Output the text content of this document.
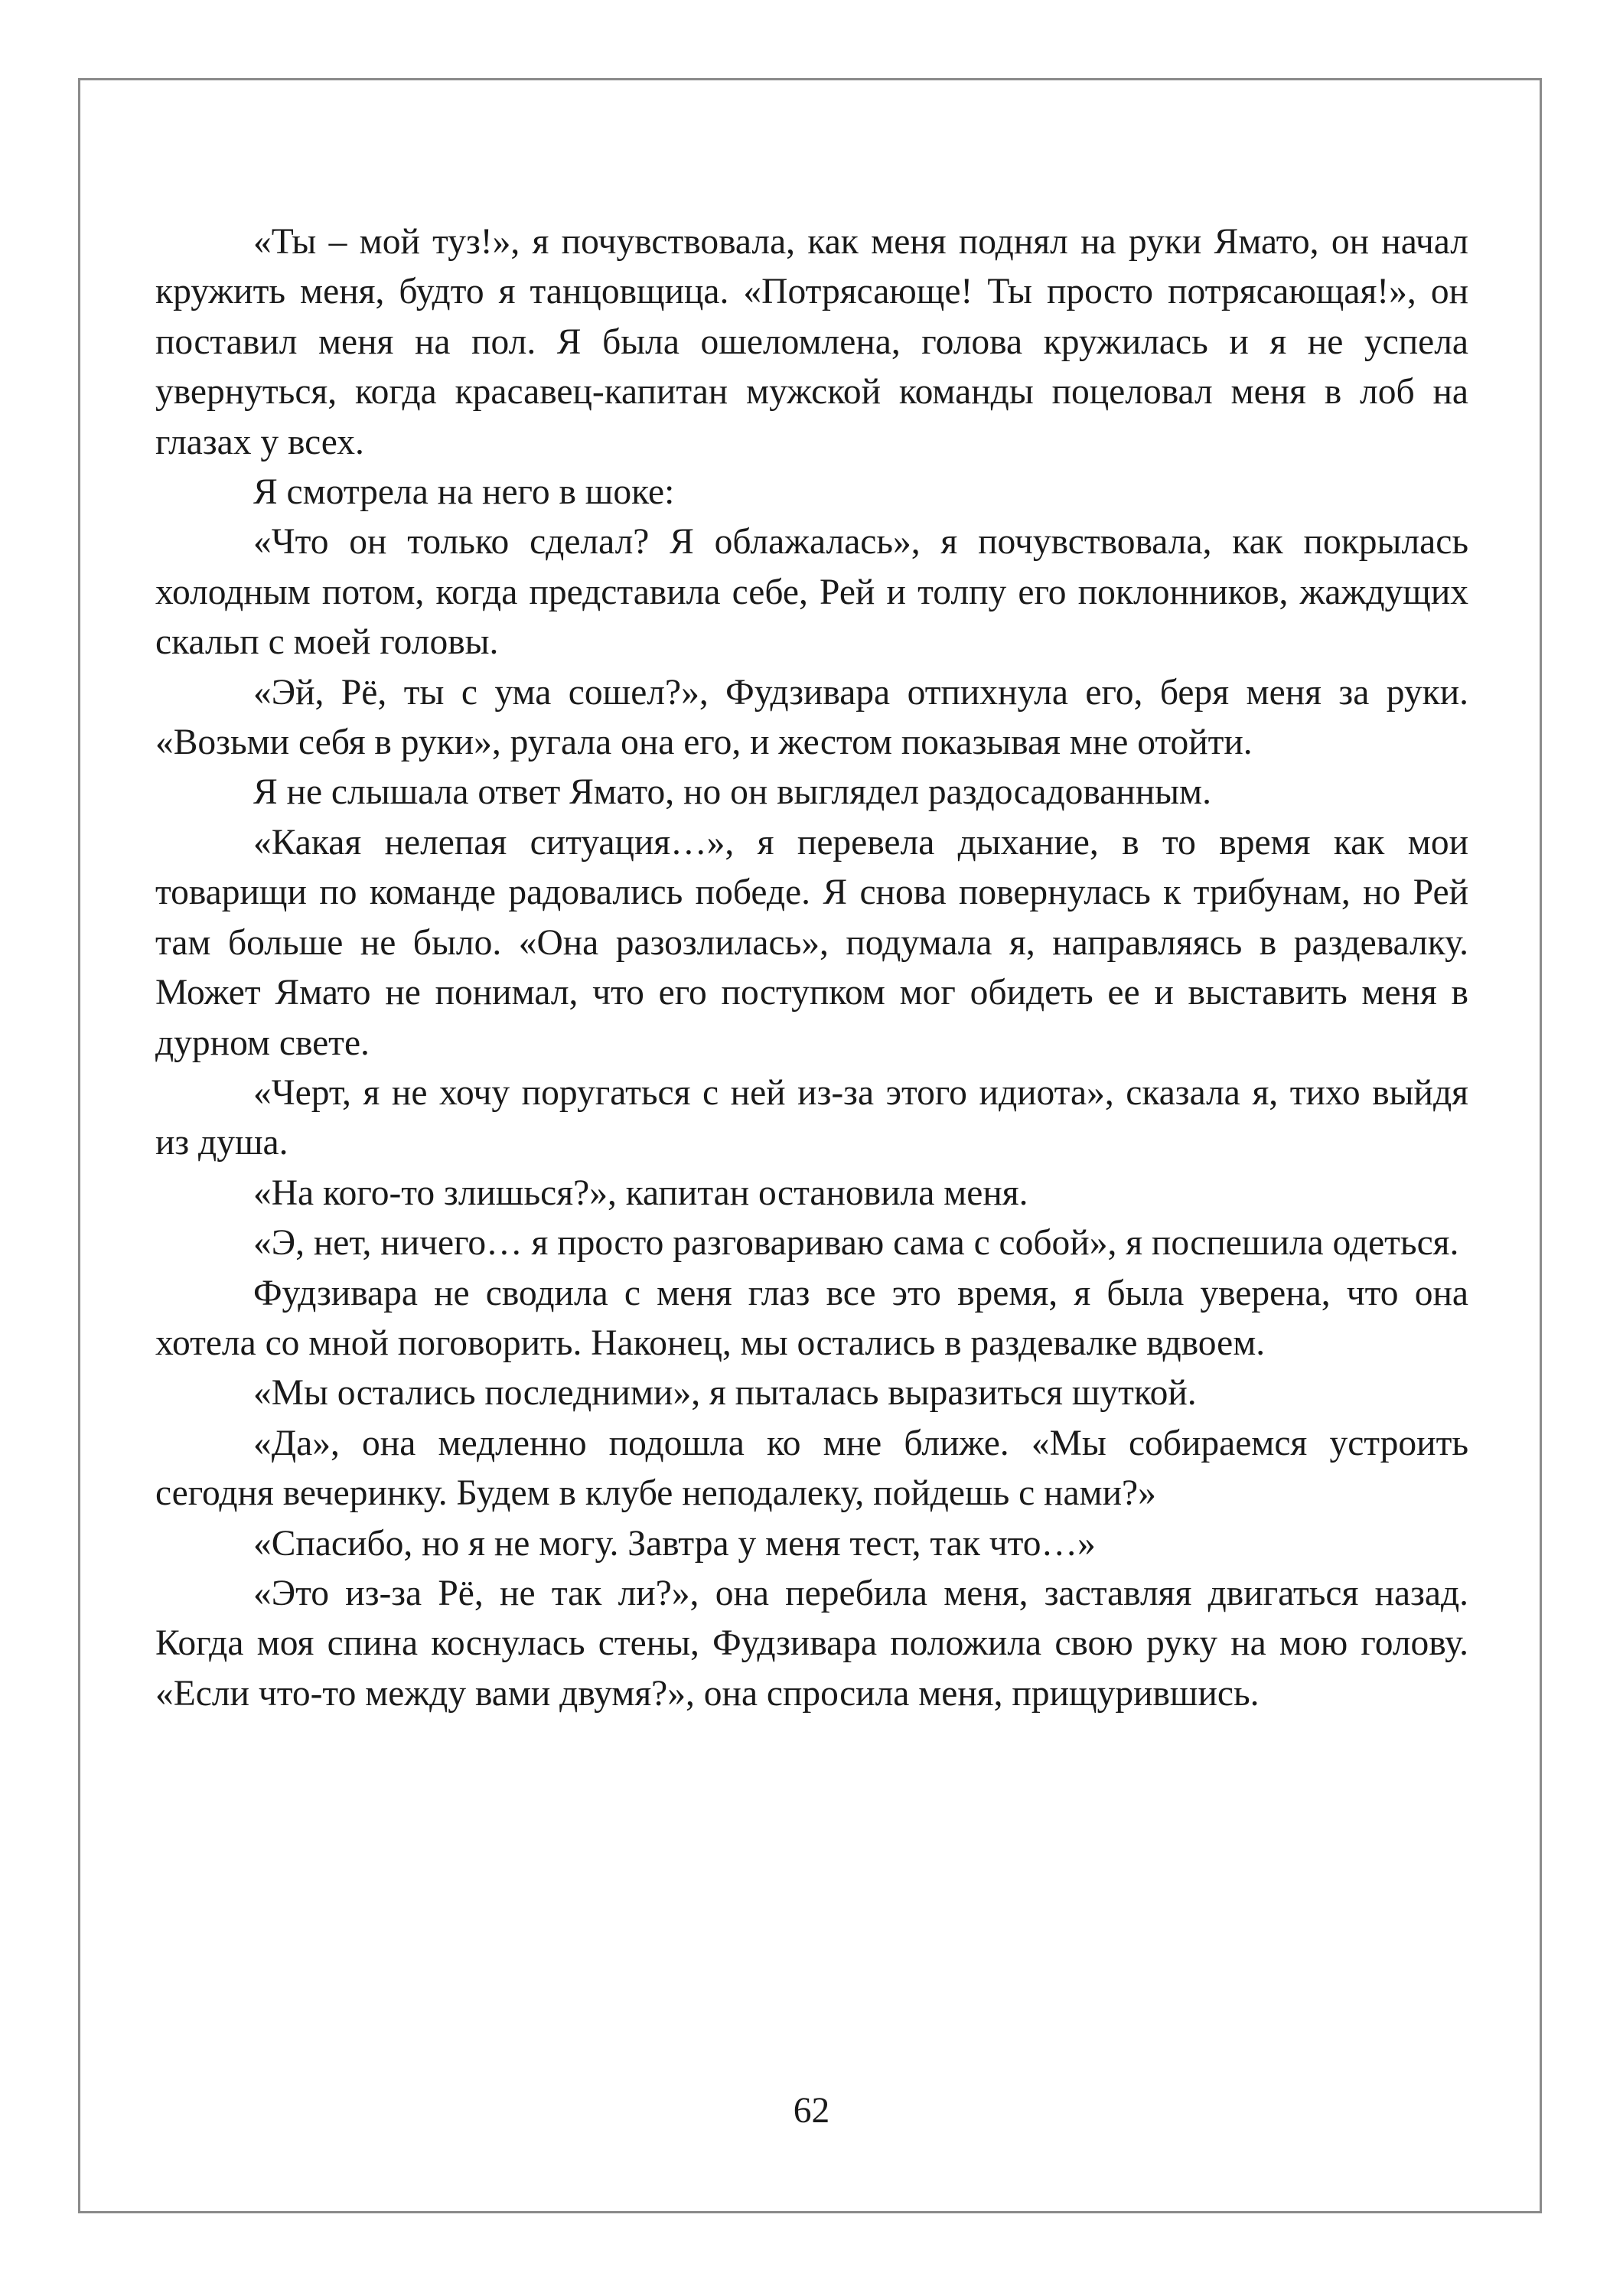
«Ты – мой туз!», я почувствовала, как меня поднял на руки Ямато, он начал кружить меня, будто я танцовщица. «Потрясающе! Ты просто потрясающая!», он поставил меня на пол. Я была ошеломлена, голова кружилась и я не успела увернуться, когда красавец-капитан мужской команды поцеловал меня в лоб на глазах у всех.

Я смотрела на него в шоке:

«Что он только сделал? Я облажалась», я почувствовала, как покрылась холодным потом, когда представила себе, Рей и толпу его поклонников, жаждущих скальп с моей головы.

«Эй, Рё, ты с ума сошел?», Фудзивара отпихнула его, беря меня за руки. «Возьми себя в руки», ругала она его, и жестом показывая мне отойти.

Я не слышала ответ Ямато, но он выглядел раздосадованным.

«Какая нелепая ситуация…», я перевела дыхание, в то время как мои товарищи по команде радовались победе. Я снова повернулась к трибунам, но Рей там больше не было. «Она разозлилась», подумала я, направляясь в раздевалку. Может Ямато не понимал, что его поступком мог обидеть ее и выставить меня в дурном свете.

«Черт, я не хочу поругаться с ней из-за этого идиота», сказала я, тихо выйдя из душа.

«На кого-то злишься?», капитан остановила меня.

«Э, нет, ничего… я просто разговариваю сама с собой», я поспешила одеться.

Фудзивара не сводила с меня глаз все это время, я была уверена, что она хотела со мной поговорить. Наконец, мы остались в раздевалке вдвоем.

«Мы остались последними», я пыталась выразиться шуткой.

«Да», она медленно подошла ко мне ближе. «Мы собираемся устроить сегодня вечеринку. Будем в клубе неподалеку, пойдешь с нами?»

«Спасибо, но я не могу. Завтра у меня тест, так что…»

«Это из-за Рё, не так ли?», она перебила меня, заставляя двигаться назад. Когда моя спина коснулась стены, Фудзивара положила свою руку на мою голову. «Если что-то между вами двумя?», она спросила меня, прищурившись.

62
